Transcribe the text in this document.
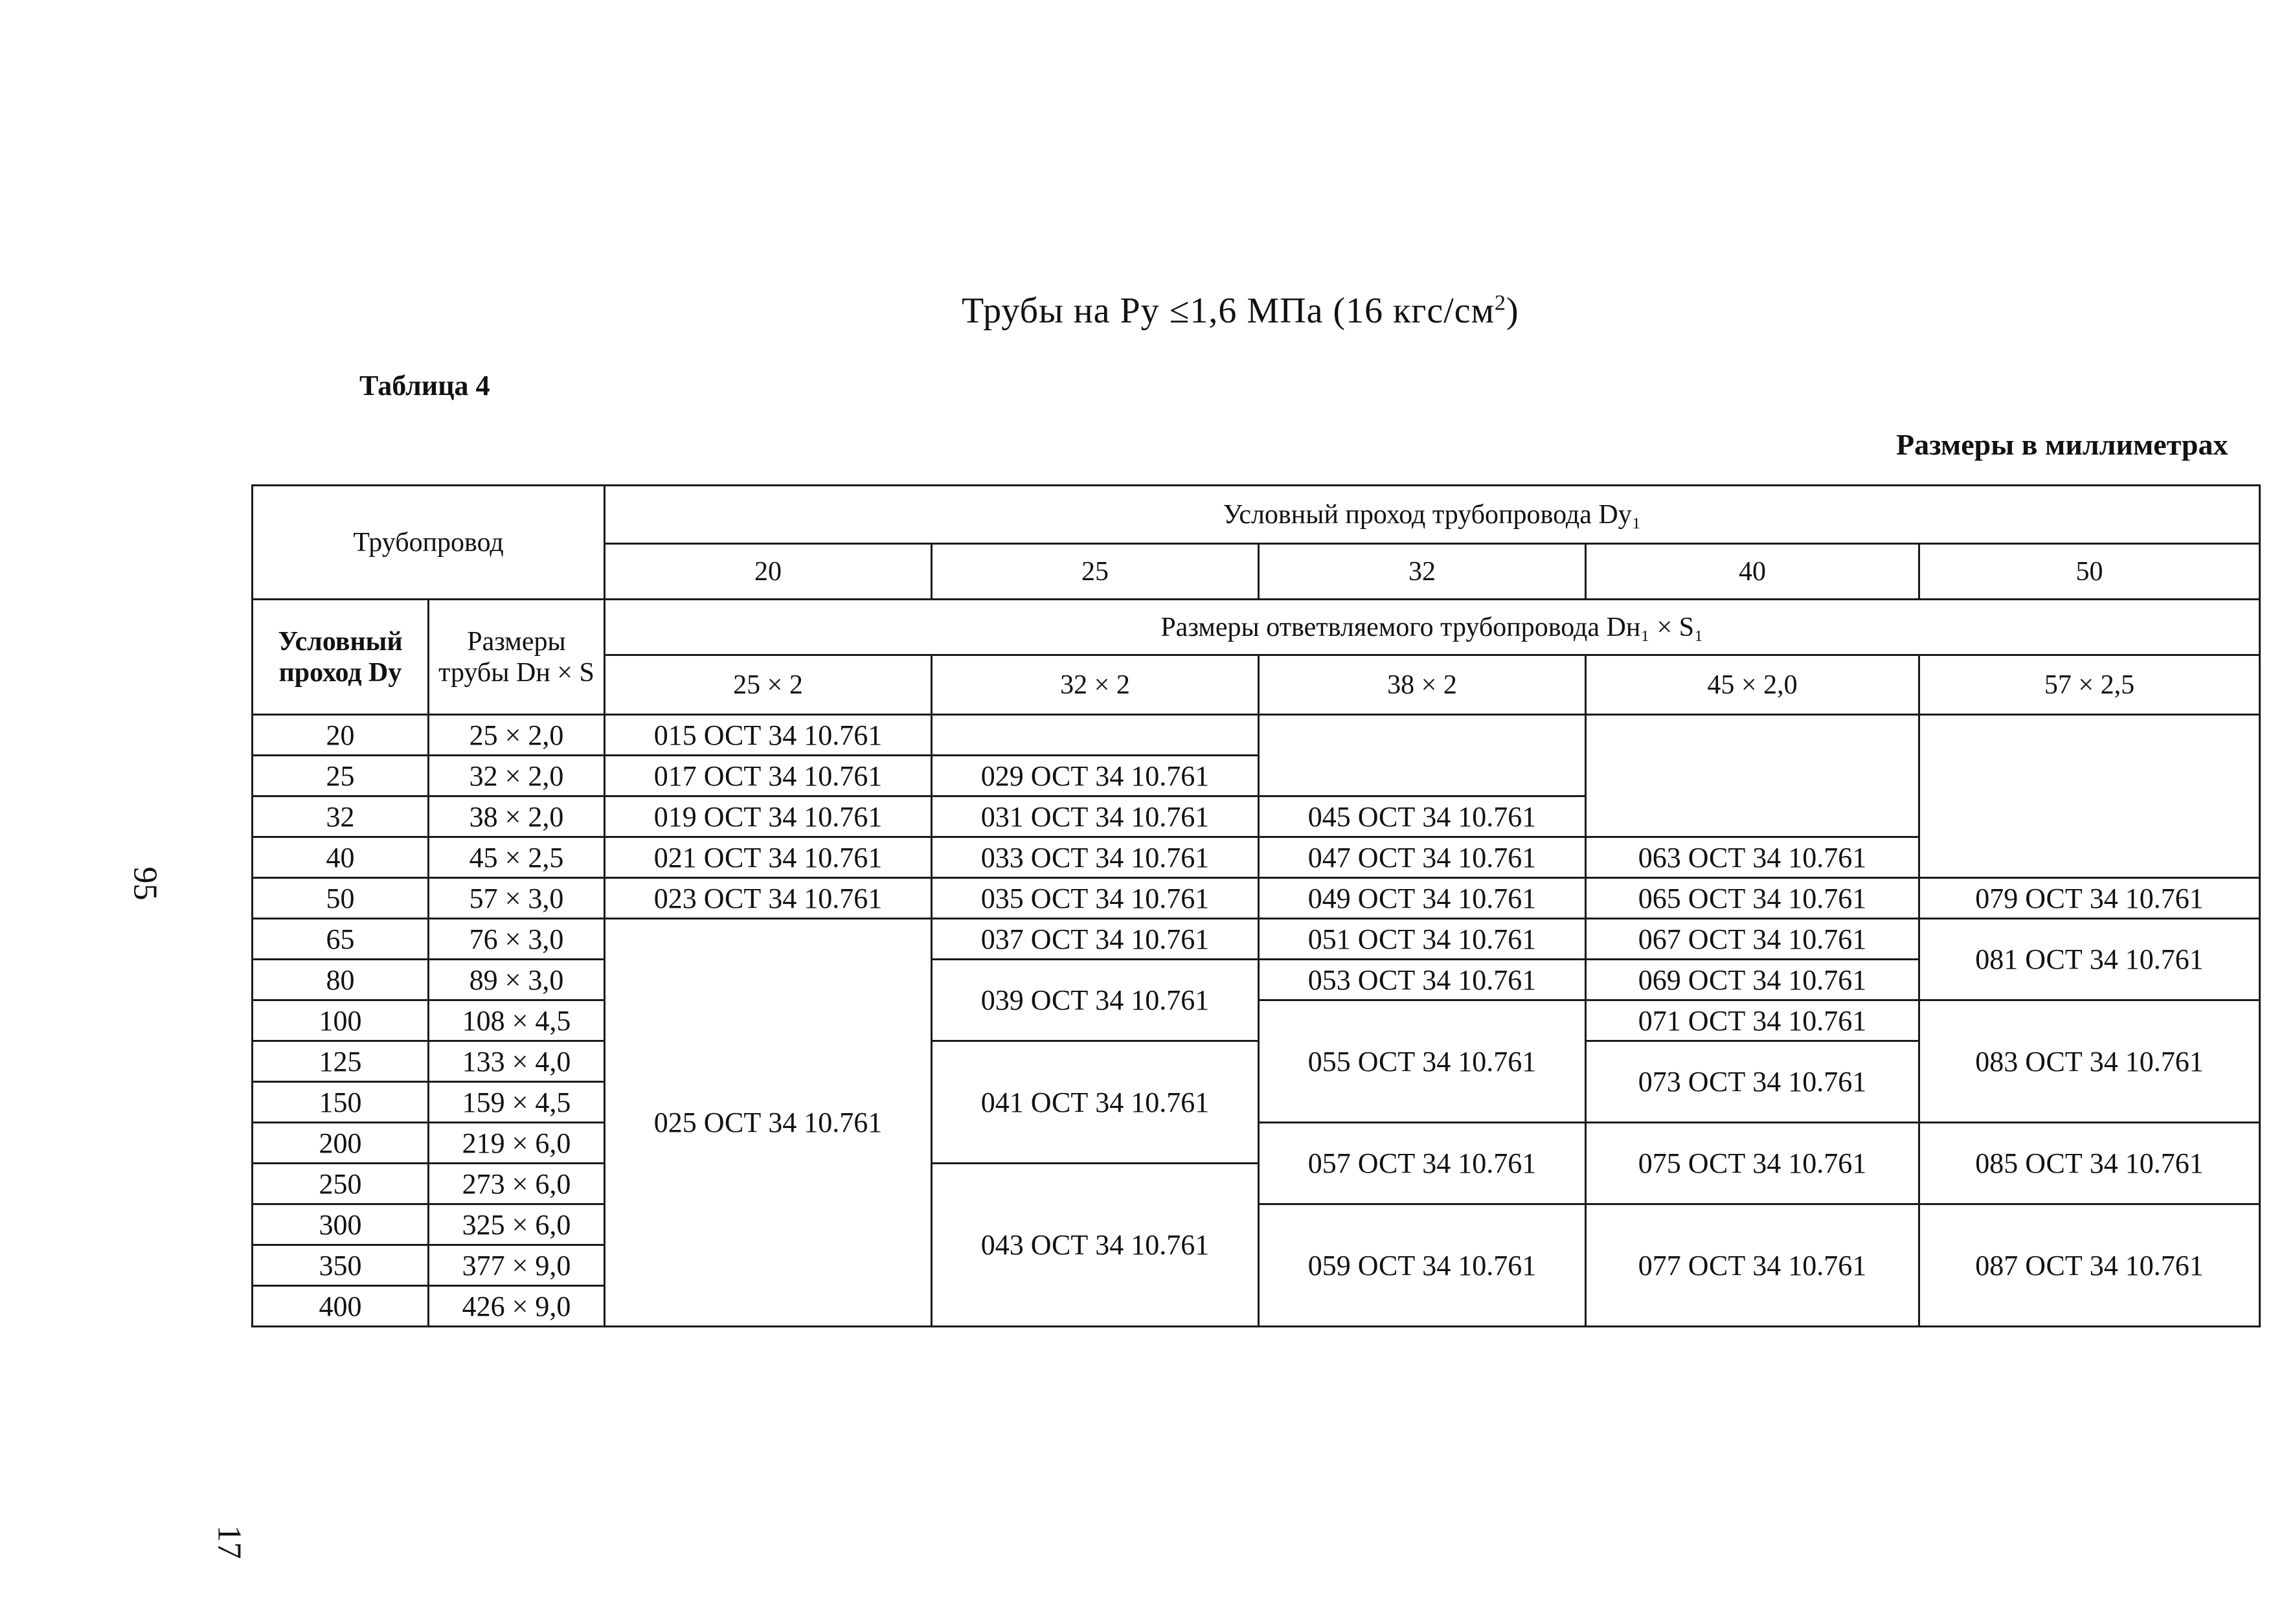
Трубы на Ру ≤1,6 МПа (16 кгс/$см^2$)
Таблица 4
Размеры в миллиметрах
95
17
Трубопровод		Условный проход трубопровода Dy₁					
		20	25	32	40	50	
Условный проход Dy	Размеры трубы Dн × S	Размеры ответвляемого трубопровода Dн₁ × S₁					
		25 × 2	32 × 2	38 × 2	45 × 2,0	57 × 2,5	
20	25 × 2,0	015 ОСТ 34 10.761					
25	32 × 2,0	017 ОСТ 34 10.761	029 ОСТ 34 10.761				
32	38 × 2,0	019 ОСТ 34 10.761	031 ОСТ 34 10.761	045 ОСТ 34 10.761			
40	45 × 2,5	021 ОСТ 34 10.761	033 ОСТ 34 10.761	047 ОСТ 34 10.761	063 ОСТ 34 10.761		
50	57 × 3,0	023 ОСТ 34 10.761	035 ОСТ 34 10.761	049 ОСТ 34 10.761	065 ОСТ 34 10.761	079 ОСТ 34 10.761	
65	76 × 3,0	025 ОСТ 34 10.761	037 ОСТ 34 10.761	051 ОСТ 34 10.761	067 ОСТ 34 10.761	081 ОСТ 34 10.761	
80	89 × 3,0		039 ОСТ 34 10.761	053 ОСТ 34 10.761	069 ОСТ 34 10.761		
100	108 × 4,5			055 ОСТ 34 10.761	071 ОСТ 34 10.761	083 ОСТ 34 10.761	
125	133 × 4,0		041 ОСТ 34 10.761		073 ОСТ 34 10.761		
150	159 × 4,5						
200	219 × 6,0			057 ОСТ 34 10.761	075 ОСТ 34 10.761	085 ОСТ 34 10.761	
250	273 × 6,0		043 ОСТ 34 10.761				
300	325 × 6,0			059 ОСТ 34 10.761	077 ОСТ 34 10.761	087 ОСТ 34 10.761	
350	377 × 9,0						
400	426 × 9,0						
